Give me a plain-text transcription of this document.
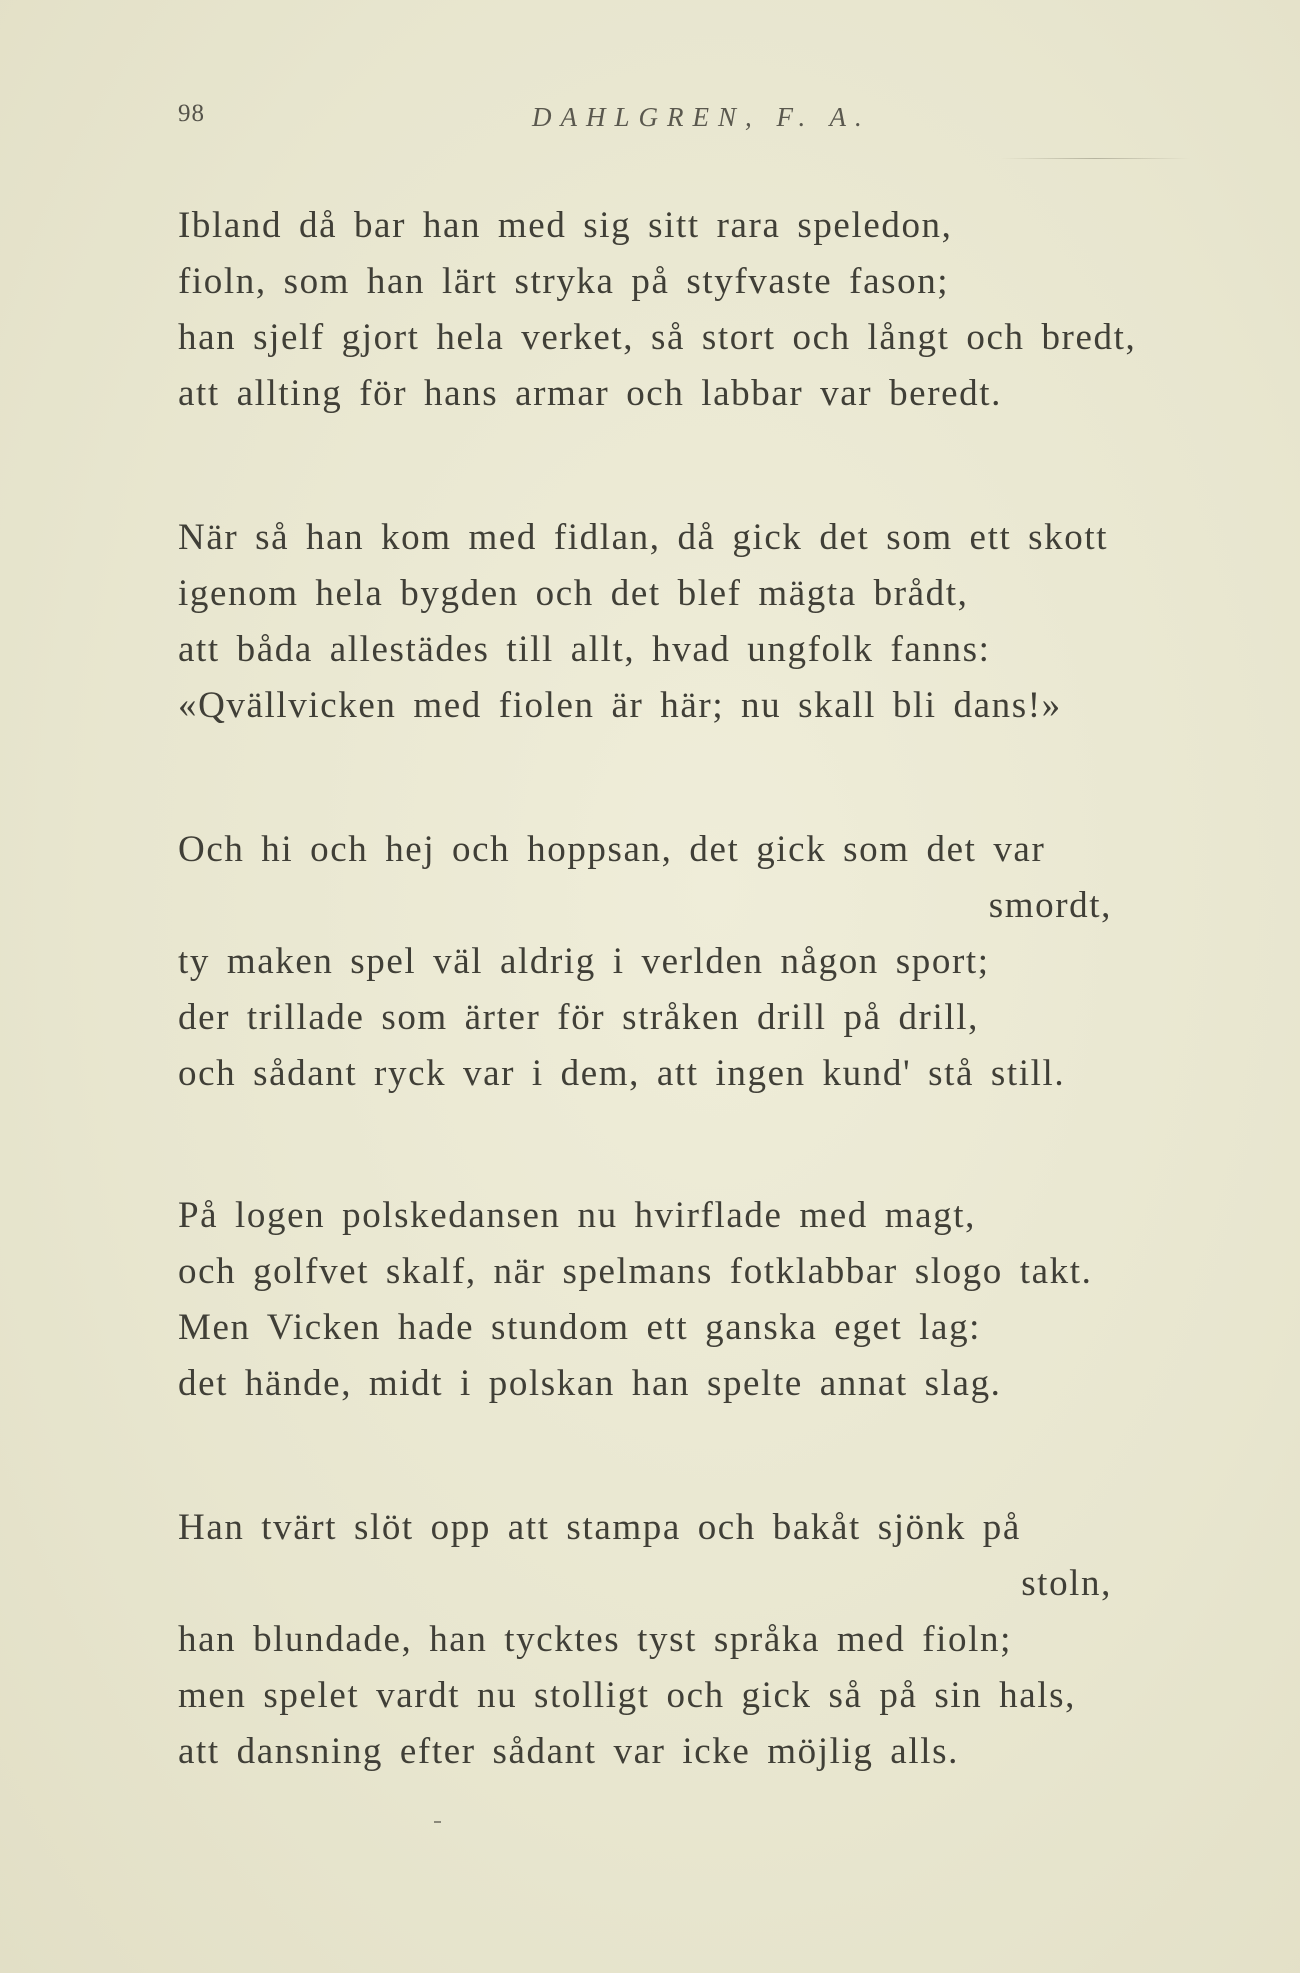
98	DAHLGREN, F. A.
Ibland då bar han med sig sitt rara speledon,
fioln, som han lärt stryka på styfvaste fason;
han sjelf gjort hela verket, så stort och långt och bredt,
att allting för hans armar och labbar var beredt.
När så han kom med fidlan, då gick det som ett skott
igenom hela bygden och det blef mägta brådt,
att båda allestädes till allt, hvad ungfolk fanns:
«Qvällvicken med fiolen är här; nu skall bli dans!»
Och hi och hej och hoppsan, det gick som det var
smordt,
ty maken spel väl aldrig i verlden någon sport;
der trillade som ärter för stråken drill på drill,
och sådant ryck var i dem, att ingen kund' stå still.
På logen polskedansen nu hvirflade med magt,
och golfvet skalf, när spelmans fotklabbar slogo takt.
Men Vicken hade stundom ett ganska eget lag:
det hände, midt i polskan han spelte annat slag.
Han tvärt slöt opp att stampa och bakåt sjönk på
stoln,
han blundade, han tycktes tyst språka med fioln;
men spelet vardt nu stolligt och gick så på sin hals,
att dansning efter sådant var icke möjlig alls.
